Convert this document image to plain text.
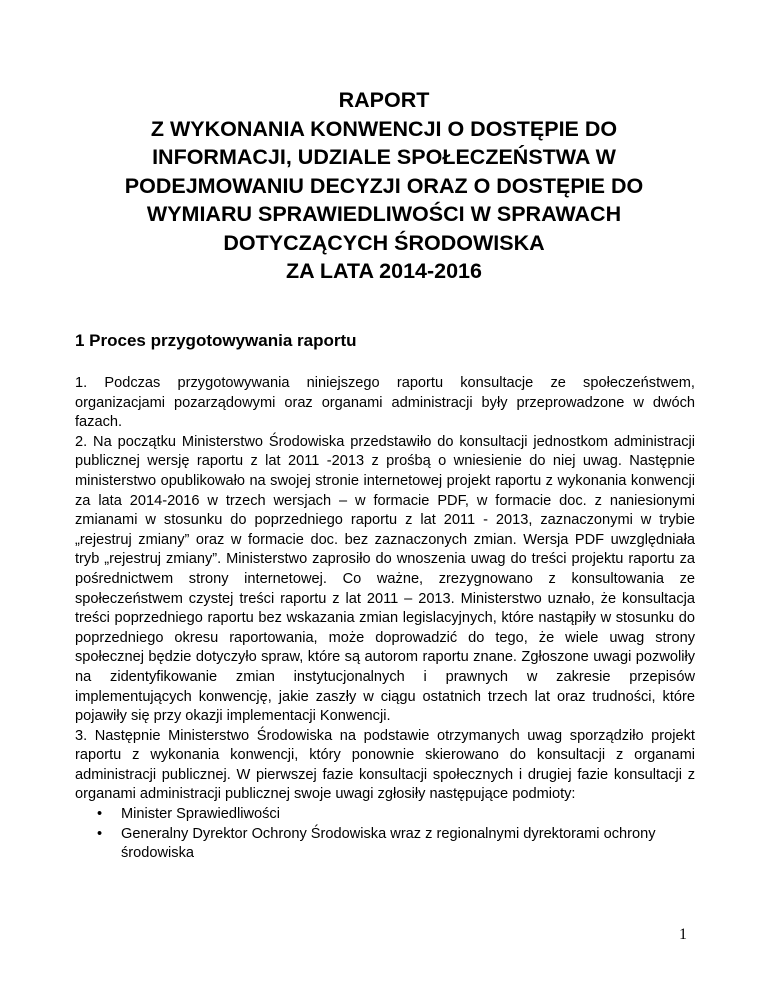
RAPORT
Z WYKONANIA KONWENCJI O DOSTĘPIE DO
INFORMACJI, UDZIALE SPOŁECZEŃSTWA W
PODEJMOWANIU DECYZJI ORAZ O DOSTĘPIE DO
WYMIARU SPRAWIEDLIWOŚCI W SPRAWACH
DOTYCZĄCYCH ŚRODOWISKA
ZA LATA 2014-2016
1 Proces przygotowywania raportu

1. Podczas przygotowywania niniejszego raportu konsultacje ze społeczeństwem, organizacjami pozarządowymi oraz organami administracji były przeprowadzone w dwóch fazach.

2. Na początku Ministerstwo Środowiska przedstawiło do konsultacji jednostkom administracji publicznej wersję raportu z lat 2011 -2013 z prośbą o wniesienie do niej uwag. Następnie ministerstwo opublikowało na swojej stronie internetowej projekt raportu z wykonania konwencji za lata 2014-2016 w trzech wersjach – w formacie PDF, w formacie doc. z naniesionymi zmianami w stosunku do poprzedniego raportu z lat 2011 - 2013, zaznaczonymi w trybie „rejestruj zmiany” oraz w formacie doc. bez zaznaczonych zmian. Wersja PDF uwzględniała tryb „rejestruj zmiany”. Ministerstwo zaprosiło do wnoszenia uwag do treści projektu raportu za pośrednictwem strony internetowej. Co ważne, zrezygnowano z konsultowania ze społeczeństwem czystej treści raportu z lat 2011 – 2013. Ministerstwo uznało, że konsultacja treści poprzedniego raportu bez wskazania zmian legislacyjnych, które nastąpiły w stosunku do poprzedniego okresu raportowania, może doprowadzić do tego, że wiele uwag strony społecznej będzie dotyczyło spraw, które są autorom raportu znane. Zgłoszone uwagi pozwoliły na zidentyfikowanie zmian instytucjonalnych i prawnych w zakresie przepisów implementujących konwencję, jakie zaszły w ciągu ostatnich trzech lat oraz trudności, które pojawiły się przy okazji implementacji Konwencji.

3. Następnie Ministerstwo Środowiska na podstawie otrzymanych uwag sporządziło projekt raportu z wykonania konwencji, który ponownie skierowano do konsultacji z organami administracji publicznej. W pierwszej fazie konsultacji społecznych i drugiej fazie konsultacji z organami administracji publicznej swoje uwagi zgłosiły następujące podmioty:

• Minister Sprawiedliwości
• Generalny Dyrektor Ochrony Środowiska wraz z regionalnymi dyrektorami ochrony środowiska
1
